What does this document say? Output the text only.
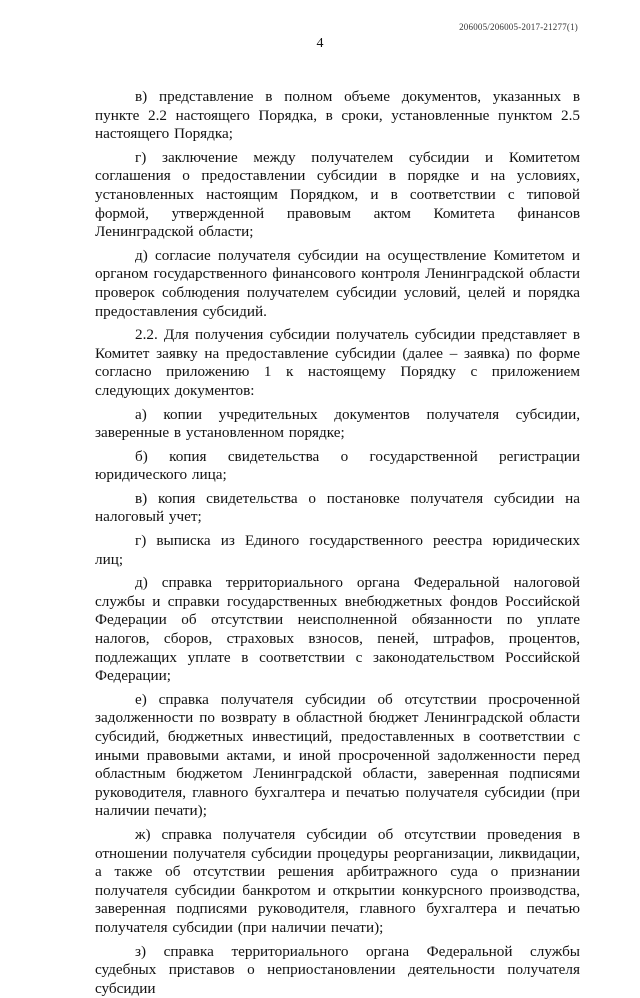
206005/206005-2017-21277(1)
4

в) представление в полном объеме документов, указанных в пункте 2.2 настоящего Порядка, в сроки, установленные пунктом 2.5 настоящего Порядка;

г) заключение между получателем субсидии и Комитетом соглашения о предоставлении субсидии в порядке и на условиях, установленных настоящим Порядком, и в соответствии с типовой формой, утвержденной правовым актом Комитета финансов Ленинградской области;

д) согласие получателя субсидии на осуществление Комитетом и органом государственного финансового контроля Ленинградской области проверок соблюдения получателем субсидии условий, целей и порядка предоставления субсидий.

2.2. Для получения субсидии получатель субсидии представляет в Комитет заявку на предоставление субсидии (далее – заявка) по форме согласно приложению 1 к настоящему Порядку с приложением следующих документов:

а) копии учредительных документов получателя субсидии, заверенные в установленном порядке;

б) копия свидетельства о государственной регистрации юридического лица;

в) копия свидетельства о постановке получателя субсидии на налоговый учет;

г) выписка из Единого государственного реестра юридических лиц;

д) справка территориального органа Федеральной налоговой службы и справки государственных внебюджетных фондов Российской Федерации об отсутствии неисполненной обязанности по уплате налогов, сборов, страховых взносов, пеней, штрафов, процентов, подлежащих уплате в соответствии с законодательством Российской Федерации;

е) справка получателя субсидии об отсутствии просроченной задолженности по возврату в областной бюджет Ленинградской области субсидий, бюджетных инвестиций, предоставленных в соответствии с иными правовыми актами, и иной просроченной задолженности перед областным бюджетом Ленинградской области, заверенная подписями руководителя, главного бухгалтера и печатью получателя субсидии (при наличии печати);

ж) справка получателя субсидии об отсутствии проведения в отношении получателя субсидии процедуры реорганизации, ликвидации, а также об отсутствии решения арбитражного суда о признании получателя субсидии банкротом и открытии конкурсного производства, заверенная подписями руководителя, главного бухгалтера и печатью получателя субсидии (при наличии печати);

з) справка территориального органа Федеральной службы судебных приставов о неприостановлении деятельности получателя субсидии
